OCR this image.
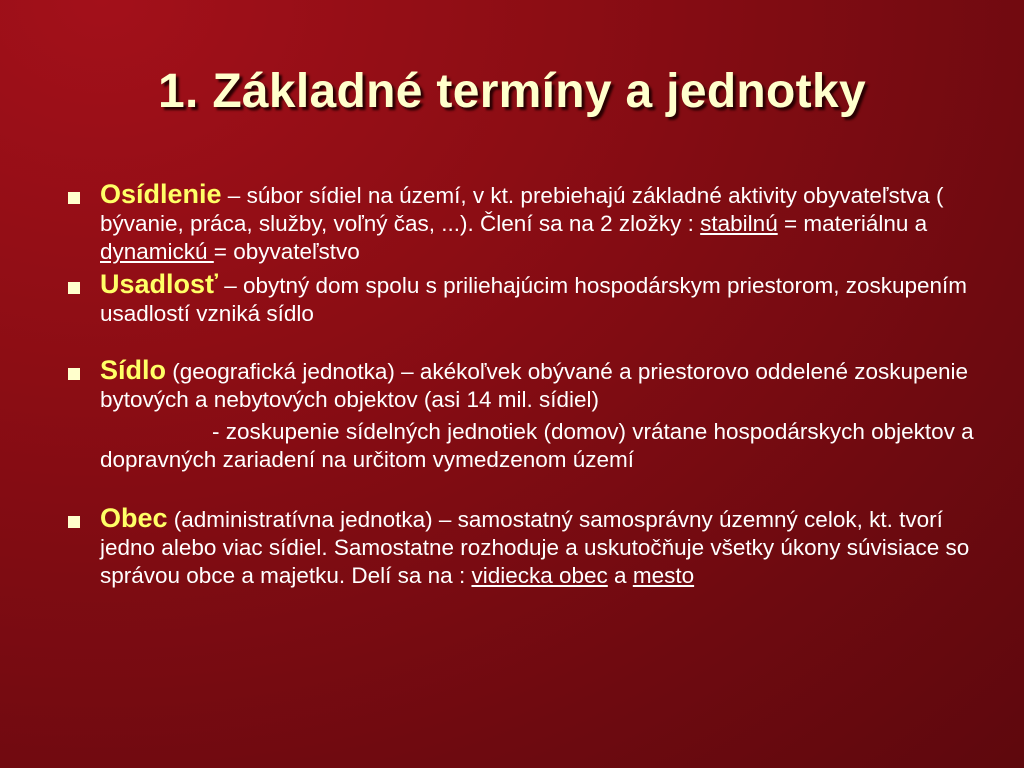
1. Základné termíny a jednotky
Osídlenie – súbor sídiel na území, v kt. prebiehajú základné aktivity obyvateľstva ( bývanie, práca, služby, voľný čas, ...). Člení sa na 2 zložky : stabilnú = materiálnu a dynamickú = obyvateľstvo
Usadlosť – obytný dom spolu s priliehajúcim hospodárskym priestorom, zoskupením usadlostí vzniká sídlo
Sídlo (geografická jednotka) – akékoľvek obývané a priestorovo oddelené zoskupenie bytových a nebytových objektov (asi 14 mil. sídiel)
- zoskupenie sídelných jednotiek (domov) vrátane hospodárskych objektov a dopravných zariadení na určitom vymedzenom území
Obec (administratívna jednotka) – samostatný samosprávny územný celok, kt. tvorí jedno alebo viac sídiel. Samostatne rozhoduje a uskutočňuje všetky úkony súvisiace so správou obce a majetku. Delí sa na : vidiecka obec a mesto
